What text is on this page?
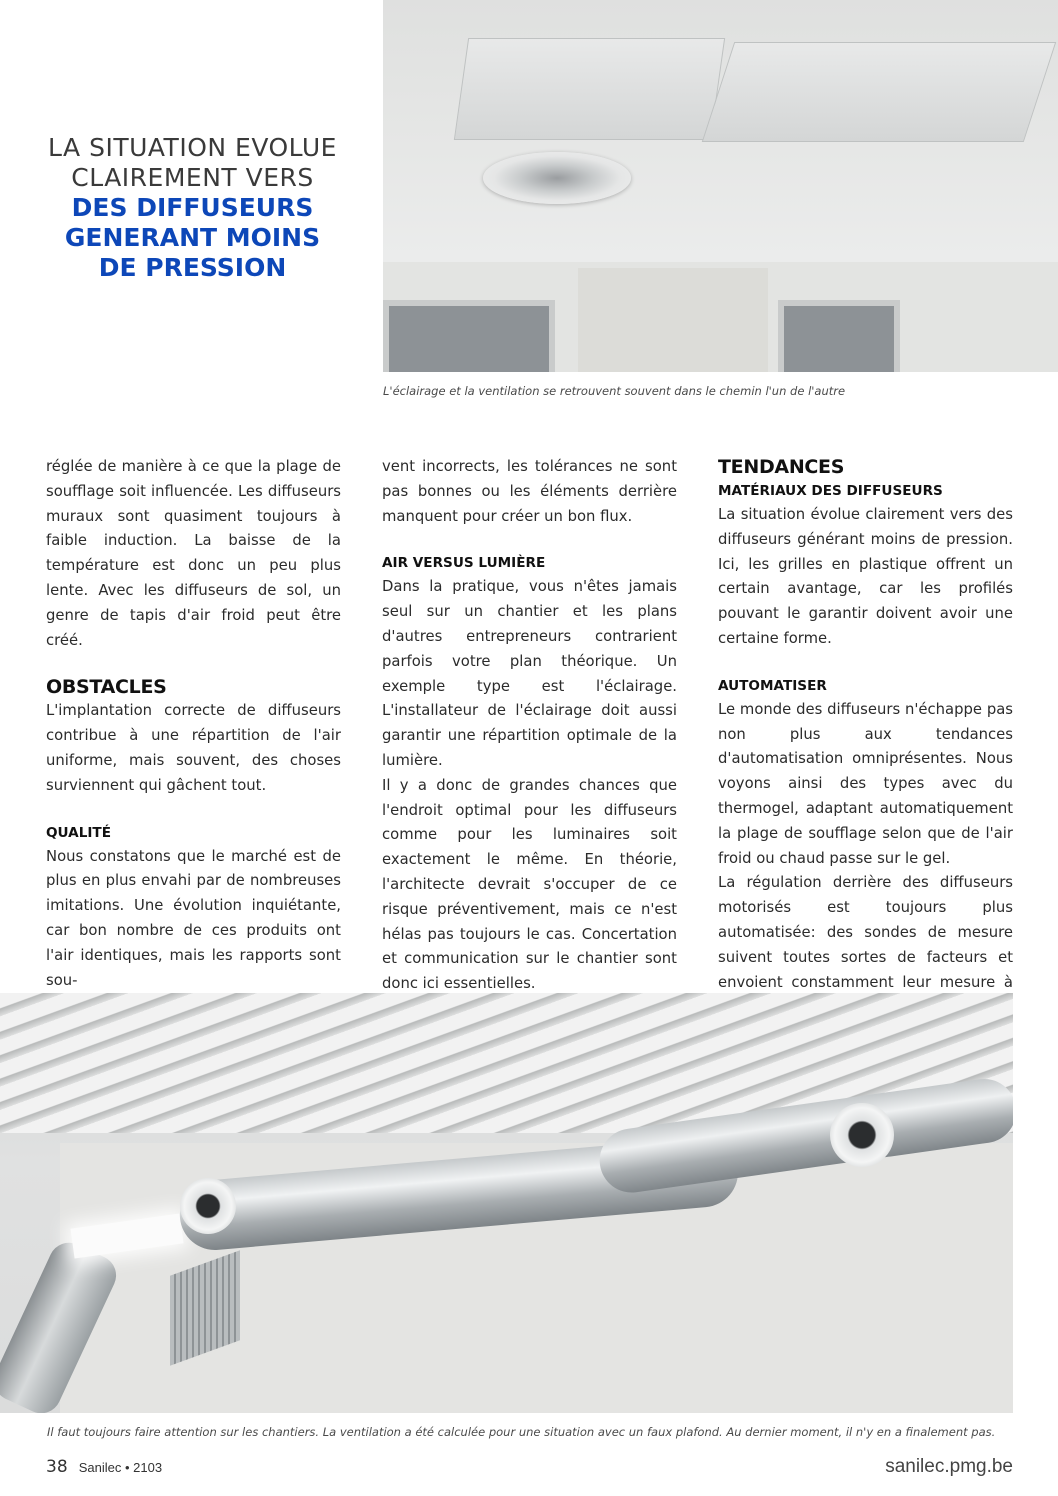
LA SITUATION EVOLUE
CLAIREMENT VERS
DES DIFFUSEURS
GENERANT MOINS
DE PRESSION
L'éclairage et la ventilation se retrouvent souvent dans le chemin l'un de l'autre

réglée de manière à ce que la plage de soufflage soit influencée. Les diffuseurs muraux sont quasiment toujours à faible induction. La baisse de la température est donc un peu plus lente. Avec les diffuseurs de sol, un genre de tapis d'air froid peut être créé.

OBSTACLES

L'implantation correcte de diffuseurs contribue à une répartition de l'air uniforme, mais souvent, des choses surviennent qui gâchent tout.

QUALITÉ

Nous constatons que le marché est de plus en plus envahi par de nombreuses imitations. Une évolution inquiétante, car bon nombre de ces produits ont l'air identiques, mais les rapports sont sou-

vent incorrects, les tolérances ne sont pas bonnes ou les éléments derrière manquent pour créer un bon flux.

AIR VERSUS LUMIÈRE

Dans la pratique, vous n'êtes jamais seul sur un chantier et les plans d'autres entrepreneurs contrarient parfois votre plan théorique. Un exemple type est l'éclairage. L'installateur de l'éclairage doit aussi garantir une répartition optimale de la lumière.

Il y a donc de grandes chances que l'endroit optimal pour les diffuseurs comme pour les luminaires soit exactement le même. En théorie, l'architecte devrait s'occuper de ce risque préventivement, mais ce n'est hélas pas toujours le cas. Concertation et communication sur le chantier sont donc ici essentielles.

TENDANCES
MATÉRIAUX DES DIFFUSEURS

La situation évolue clairement vers des diffuseurs générant moins de pression. Ici, les grilles en plastique offrent un certain avantage, car les profilés pouvant le garantir doivent avoir une certaine forme.

AUTOMATISER

Le monde des diffuseurs n'échappe pas non plus aux tendances d'automatisation omniprésentes. Nous voyons ainsi des types avec du thermogel, adaptant automatiquement la plage de soufflage selon que de l'air froid ou chaud passe sur le gel.

La régulation derrière des diffuseurs motorisés est toujours plus automatisée: des sondes de mesure suivent toutes sortes de facteurs et envoient constamment leur mesure à

Il faut toujours faire attention sur les chantiers. La ventilation a été calculée pour une situation avec un faux plafond. Au dernier moment, il n'y en a finalement pas.
38 Sanilec • 2103	sanilec.pmg.be
